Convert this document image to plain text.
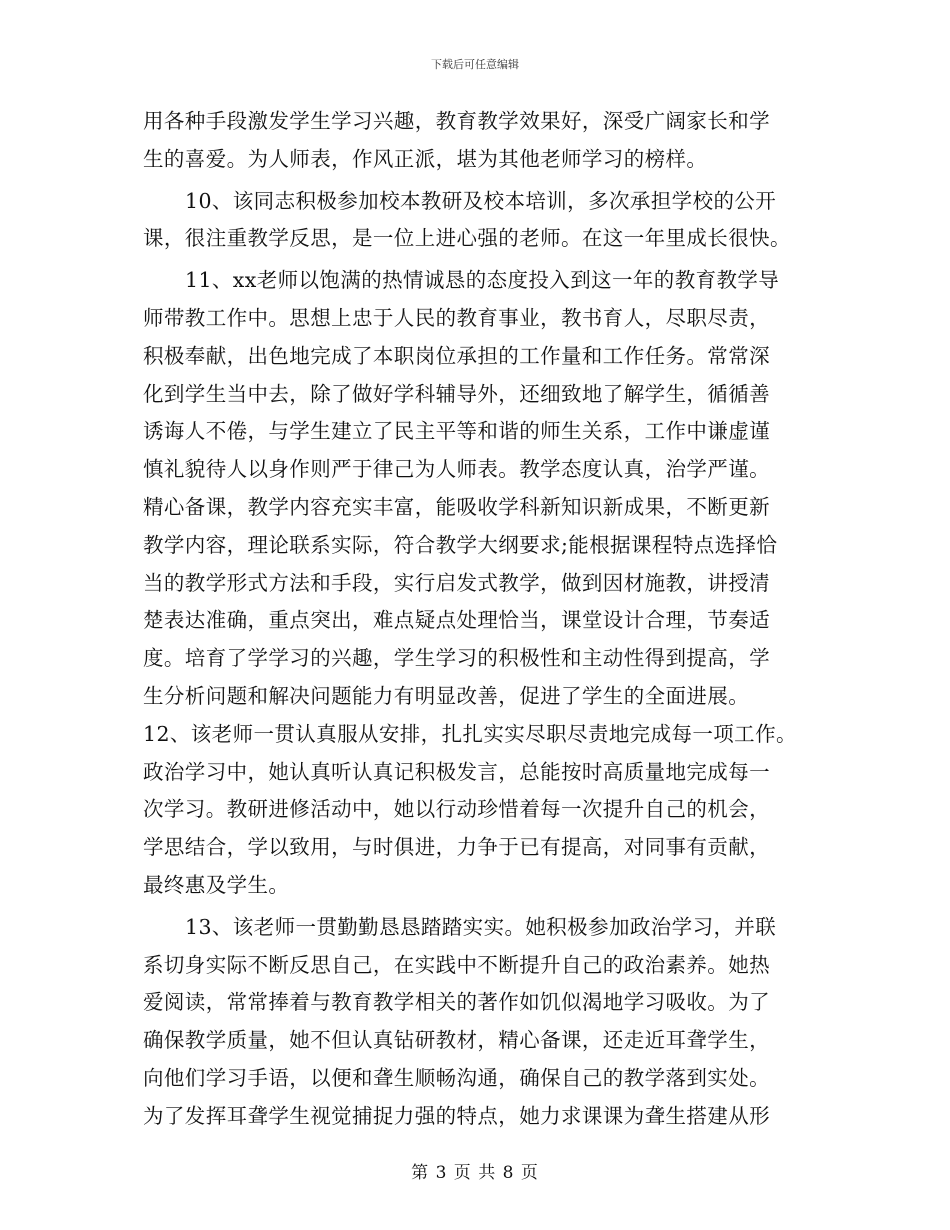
下载后可任意编辑
用各种手段激发学生学习兴趣，教育教学效果好，深受广阔家长和学
生的喜爱。为人师表，作风正派，堪为其他老师学习的榜样。
10、该同志积极参加校本教研及校本培训，多次承担学校的公开
课，很注重教学反思，是一位上进心强的老师。在这一年里成长很快。
11、xx老师以饱满的热情诚恳的态度投入到这一年的教育教学导
师带教工作中。思想上忠于人民的教育事业，教书育人，尽职尽责，
积极奉献，出色地完成了本职岗位承担的工作量和工作任务。常常深
化到学生当中去，除了做好学科辅导外，还细致地了解学生，循循善
诱诲人不倦，与学生建立了民主平等和谐的师生关系，工作中谦虚谨
慎礼貌待人以身作则严于律己为人师表。教学态度认真，治学严谨。
精心备课，教学内容充实丰富，能吸收学科新知识新成果，不断更新
教学内容，理论联系实际，符合教学大纲要求;能根据课程特点选择恰
当的教学形式方法和手段，实行启发式教学，做到因材施教，讲授清
楚表达准确，重点突出，难点疑点处理恰当，课堂设计合理，节奏适
度。培育了学学习的兴趣，学生学习的积极性和主动性得到提高，学
生分析问题和解决问题能力有明显改善，促进了学生的全面进展。
12、该老师一贯认真服从安排，扎扎实实尽职尽责地完成每一项工作。
政治学习中，她认真听认真记积极发言，总能按时高质量地完成每一
次学习。教研进修活动中，她以行动珍惜着每一次提升自己的机会，
学思结合，学以致用，与时俱进，力争于已有提高，对同事有贡献，
最终惠及学生。
13、该老师一贯勤勤恳恳踏踏实实。她积极参加政治学习，并联
系切身实际不断反思自己，在实践中不断提升自己的政治素养。她热
爱阅读，常常捧着与教育教学相关的著作如饥似渴地学习吸收。为了
确保教学质量，她不但认真钻研教材，精心备课，还走近耳聋学生，
向他们学习手语，以便和聋生顺畅沟通，确保自己的教学落到实处。
为了发挥耳聋学生视觉捕捉力强的特点，她力求课课为聋生搭建从形
第 3 页 共 8 页
